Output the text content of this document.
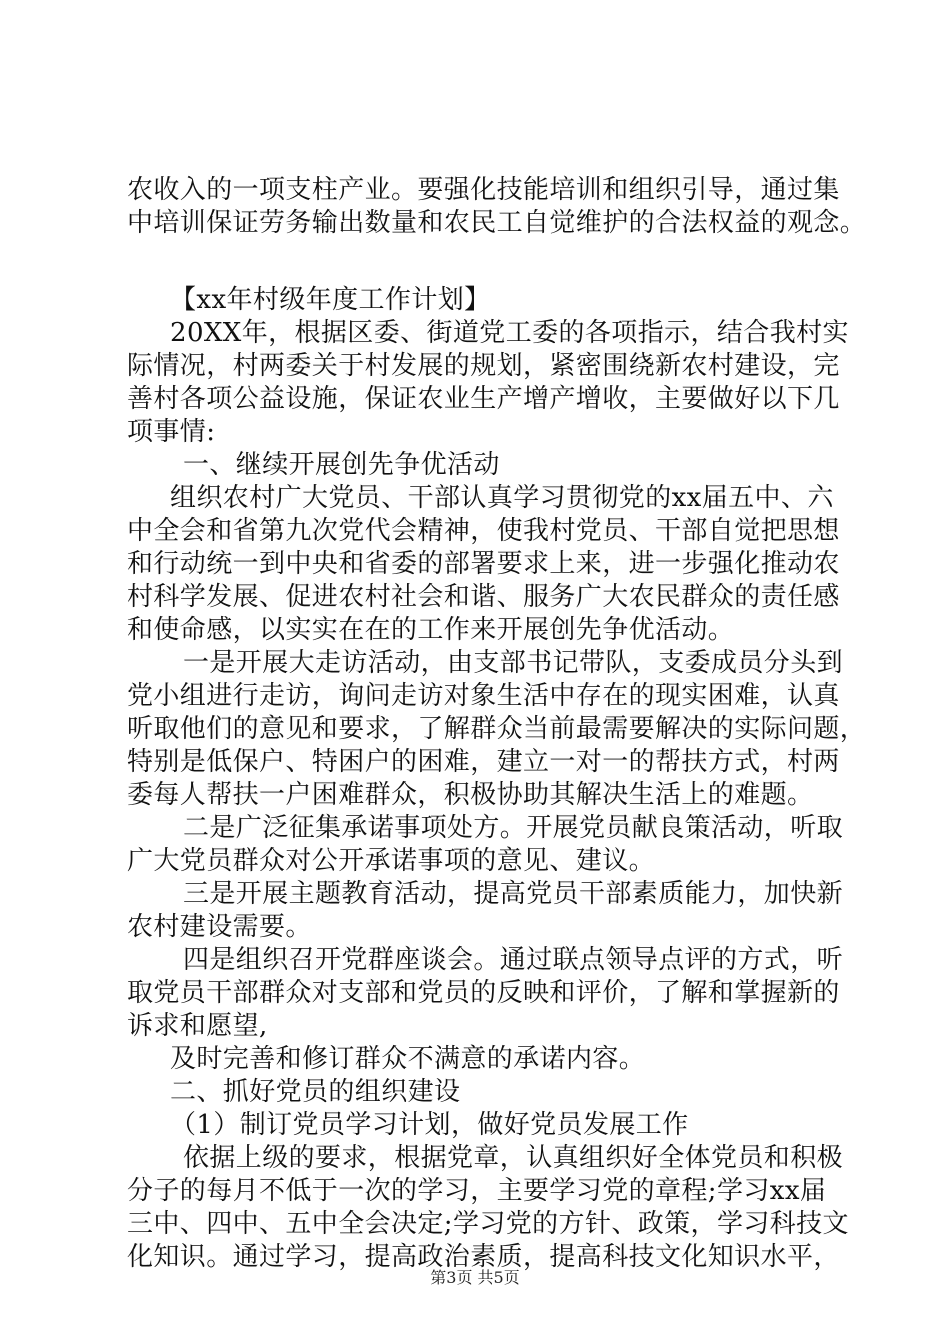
农收入的一项支柱产业。要强化技能培训和组织引导，通过集
中培训保证劳务输出数量和农民工自觉维护的合法权益的观念。
【xx年村级年度工作计划】
20XX年，根据区委、街道党工委的各项指示，结合我村实
际情况，村两委关于村发展的规划，紧密围绕新农村建设，完
善村各项公益设施，保证农业生产增产增收，主要做好以下几
项事情:
一、继续开展创先争优活动
组织农村广大党员、干部认真学习贯彻党的xx届五中、六
中全会和省第九次党代会精神，使我村党员、干部自觉把思想
和行动统一到中央和省委的部署要求上来，进一步强化推动农
村科学发展、促进农村社会和谐、服务广大农民群众的责任感
和使命感，以实实在在的工作来开展创先争优活动。
一是开展大走访活动，由支部书记带队，支委成员分头到
党小组进行走访，询问走访对象生活中存在的现实困难，认真
听取他们的意见和要求，了解群众当前最需要解决的实际问题，
特别是低保户、特困户的困难，建立一对一的帮扶方式，村两
委每人帮扶一户困难群众，积极协助其解决生活上的难题。
二是广泛征集承诺事项处方。开展党员献良策活动，听取
广大党员群众对公开承诺事项的意见、建议。
三是开展主题教育活动，提高党员干部素质能力，加快新
农村建设需要。
四是组织召开党群座谈会。通过联点领导点评的方式，听
取党员干部群众对支部和党员的反映和评价，了解和掌握新的
诉求和愿望,
及时完善和修订群众不满意的承诺内容。
二、抓好党员的组织建设
（1）制订党员学习计划，做好党员发展工作
依据上级的要求，根据党章，认真组织好全体党员和积极
分子的每月不低于一次的学习，主要学习党的章程;学习xx届
三中、四中、五中全会决定;学习党的方针、政策，学习科技文
化知识。通过学习，提高政治素质，提高科技文化知识水平，
第3页 共5页
